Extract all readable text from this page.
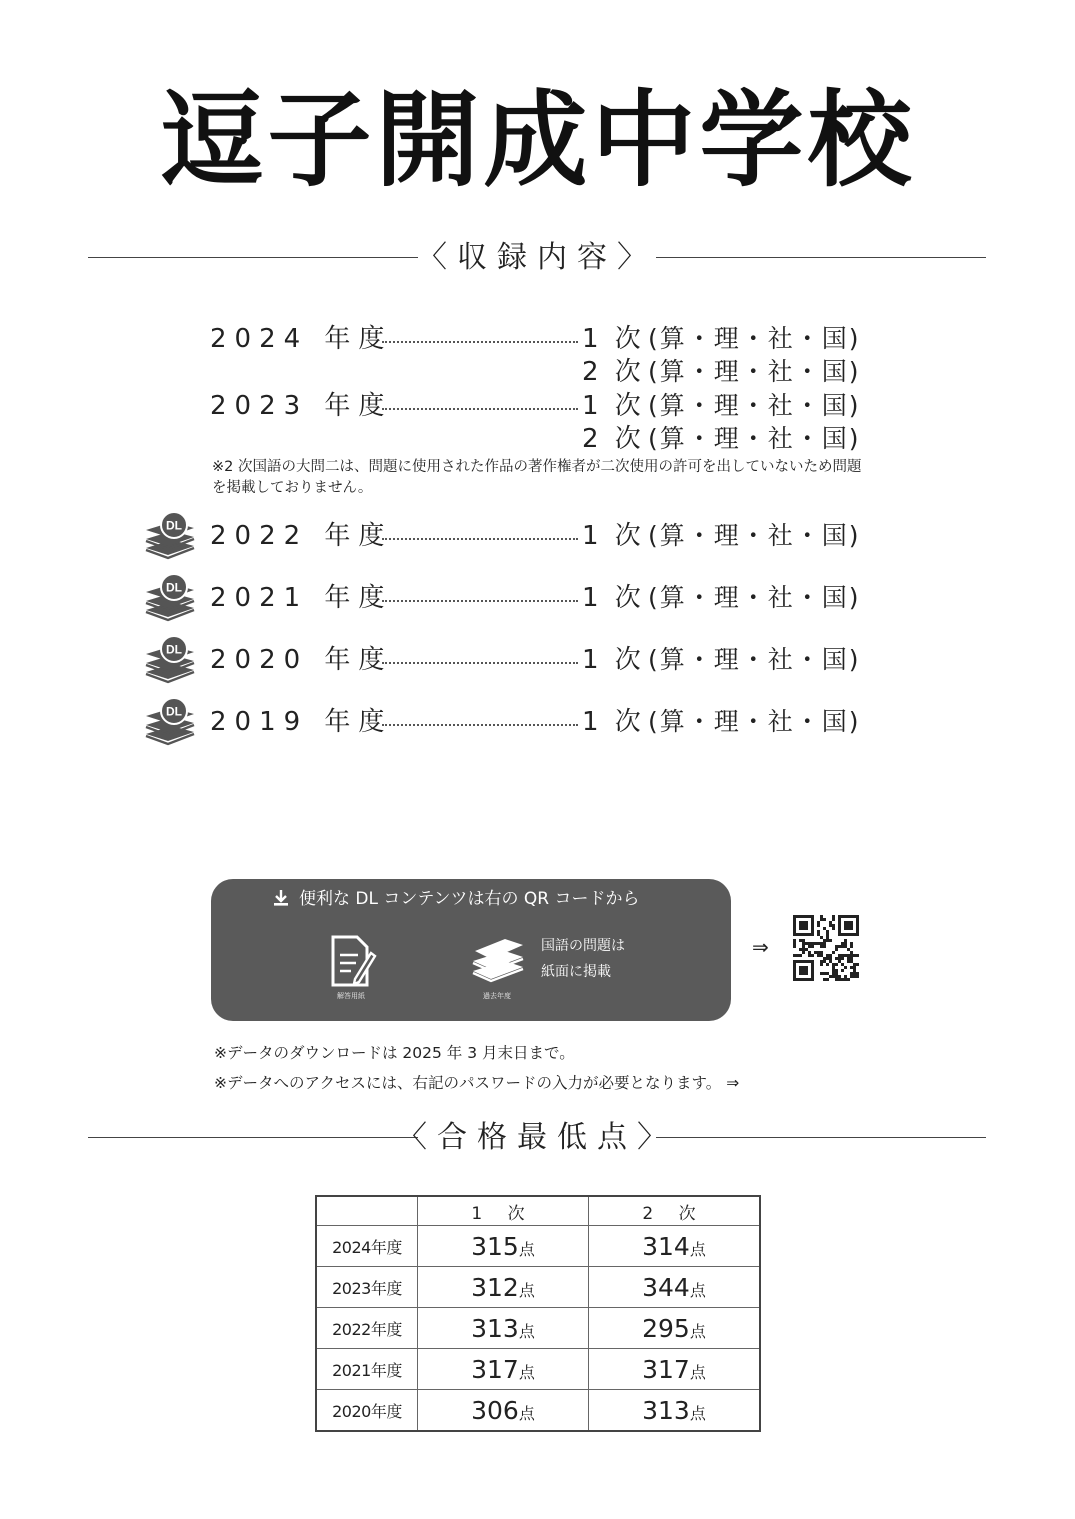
逗子開成中学校
〈収録内容〉
2024 年度	1 次 (算・理・社・国)
2 次 (算・理・社・国)
2023 年度	1 次 (算・理・社・国)
2 次 (算・理・社・国)
DL 2022 年度	1 次 (算・理・社・国)
DL 2021 年度	1 次 (算・理・社・国)
DL 2020 年度	1 次 (算・理・社・国)
DL 2019 年度	1 次 (算・理・社・国)
※2 次国語の大問二は、問題に使用された作品の著作権者が二次使用の許可を出していないため問題を掲載しておりません。
便利な DL コンテンツは右の QR コードから
解答用紙	過去年度
国語の問題は
紙面に掲載
⇒
※データのダウンロードは 2025 年 3 月末日まで。
※データへのアクセスには、右記のパスワードの入力が必要となります。 ⇒
〈合格最低点〉
	1 次	2 次
2024年度	315点	314点
2023年度	312点	344点
2022年度	313点	295点
2021年度	317点	317点
2020年度	306点	313点
